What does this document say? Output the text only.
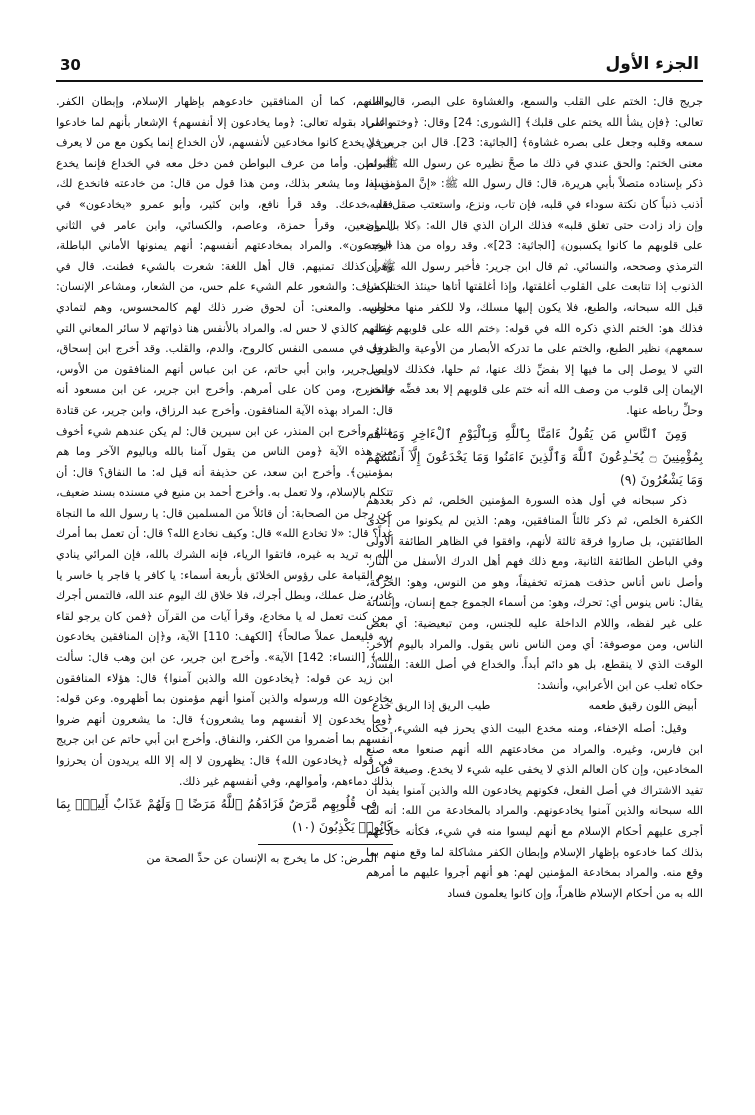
الجزء الأول
30

جريج قال: الختم على القلب والسمع، والغشاوة على البصر، قال الله تعالى: ﴿فإن يشأ الله يختم على قلبك﴾ [الشورى: 24] وقال: ﴿وختم على سمعه وقلبه وجعل على بصره غشاوة﴾ [الجاثية: 23]. قال ابن جرير في معنى الختم: والحق عندي في ذلك ما صحَّ نظيره عن رسول الله ﷺ، ثم ذكر بإسناده متصلاً بأبي هريرة، قال: قال رسول الله ﷺ: «إنَّ المؤمن إذا أذنب ذنباً كان نكتة سوداء في قلبه، فإن تاب، ونزع، واستعتب صقل قلبه، وإن زاد زادت حتى تغلق قلبه» فذلك الران الذي قال الله: ﴿كلا بل ران على قلوبهم ما كانوا يكسبون﴾ [الجاثية: 23]». وقد رواه من هذا الوجه الترمذي وصححه، والنسائي. ثم قال ابن جرير: فأخبر رسول الله ﷺ أن الذنوب إذا تتابعت على القلوب أغلقتها، وإذا أغلقتها أتاها حينئذ الختم من قبل الله سبحانه، والطبع، فلا يكون إليها مسلك، ولا للكفر منها مخلص، فذلك هو: الختم الذي ذكره الله في قوله: ﴿ختم الله على قلوبهم وعلى سمعهم﴾ نظير الطبع، والختم على ما تدركه الأبصار من الأوعية والظروف التي لا يوصل إلى ما فيها إلا بفضِّ ذلك عنها، ثم حلها، فكذلك لا يصل الإيمان إلى قلوب من وصف الله أنه ختم على قلوبهم إلا بعد فضِّه خاتمه، وحلِّ رباطه عنها.

وَمِنَ ٱلنَّاسِ مَن يَقُولُ ءَامَنَّا بِٱللَّهِ وَبِٱلْيَوْمِ ٱلْءَاخِرِ وَمَا هُم بِمُؤْمِنِينَ ۝ يُخَـٰدِعُونَ ٱللَّهَ وَٱلَّذِينَ ءَامَنُوا وَمَا يَخْدَعُونَ إِلَّآ أَنفُسَهُمْ وَمَا يَشْعُرُونَ (٩)

ذكر سبحانه في أول هذه السورة المؤمنين الخلص، ثم ذكر بعدهم الكفرة الخلص، ثم ذكر ثالثاً المنافقين، وهم: الذين لم يكونوا من إحدى الطائفتين، بل صاروا فرقة ثالثة لأنهم، وافقوا في الظاهر الطائفة الأولى وفي الباطن الطائفة الثانية، ومع ذلك فهم أهل الدرك الأسفل من النار. وأصل ناس أناس حذفت همزته تخفيفاً، وهو من النوس، وهو: الحركة، يقال: ناس ينوس أي: تحرك، وهو: من أسماء الجموع جمع إنسان، وإنسانة على غير لفظه، واللام الداخلة عليه للجنس، ومن تبعيضية: أي بعض الناس، ومن موصوفة: أي ومن الناس ناس يقول. والمراد باليوم الآخر: الوقت الذي لا ينقطع، بل هو دائم أبداً. والخداع في أصل اللغة: الفساد، حكاه ثعلب عن ابن الأعرابي، وأنشد:

أبيض اللون رقيق طعمه
طيب الريق إذا الريق خدع

وقيل: أصله الإخفاء، ومنه مخدع البيت الذي يحرز فيه الشيء، حكاه ابن فارس، وغيره. والمراد من مخادعتهم الله أنهم صنعوا معه صنع المخادعين، وإن كان العالم الذي لا يخفى عليه شيء لا يخدع. وصيغة فاعل تفيد الاشتراك في أصل الفعل، فكونهم يخادعون الله والذين آمنوا يفيد أن الله سبحانه والذين آمنوا يخادعونهم. والمراد بالمخادعة من الله: أنه لما أجرى عليهم أحكام الإسلام مع أنهم ليسوا منه في شيء، فكأنه خادعهم بذلك كما خادعوه بإظهار الإسلام وإبطان الكفر مشاكلة لما وقع منهم بما وقع منه. والمراد بمخادعة المؤمنين لهم: هو أنهم أجروا عليهم ما أمرهم الله به من أحكام الإسلام ظاهراً، وإن كانوا يعلمون فساد

بواطنهم، كما أن المنافقين خادعوهم بإظهار الإسلام، وإبطان الكفر. والمراد بقوله تعالى: ﴿وما يخادعون إلا أنفسهم﴾ الإشعار بأنهم لما خادعوا من لا يخدع كانوا مخادعين لأنفسهم، لأن الخداع إنما يكون مع من لا يعرف البواطن. وأما من عرف البواطن فمن دخل معه في الخداع فإنما يخدع نفسه، وما يشعر بذلك، ومن هذا قول من قال: من خادعته فانخدع لك، فقد خدعك. وقد قرأ نافع، وابن كثير، وأبو عمرو «يخادعون» في الموضعين، وقرأ حمزة، وعاصم، والكسائي، وابن عامر في الثاني «يخدعون». والمراد بمخادعتهم أنفسهم: أنهم يمنونها الأماني الباطلة، وهي كذلك تمنيهم. قال أهل اللغة: شعرت بالشيء فطنت. قال في الكشاف: والشعور علم الشيء علم حس، من الشعار، ومشاعر الإنسان: حواسه. والمعنى: أن لحوق ضرر ذلك لهم كالمحسوس، وهم لتمادي غفلتهم كالذي لا حس له. والمراد بالأنفس هنا ذواتهم لا سائر المعاني التي تدخل في مسمى النفس كالروح، والدم، والقلب. وقد أخرج ابن إسحاق، وابن جرير، وابن أبي حاتم، عن ابن عباس أنهم المنافقون من الأوس، والخزرج، ومن كان على أمرهم. وأخرج ابن جرير، عن ابن مسعود أنه قال: المراد بهذه الآية المنافقون. وأخرج عبد الرزاق، وابن جرير، عن قتادة مثله. وأخرج ابن المنذر، عن ابن سيرين قال: لم يكن عندهم شيء أخوف من هذه الآية ﴿ومن الناس من يقول آمنا بالله وباليوم الآخر وما هم بمؤمنين﴾. وأخرج ابن سعد، عن حذيفة أنه قيل له: ما النفاق؟ قال: أن تتكلم بالإسلام، ولا تعمل به. وأخرج أحمد بن منيع في مسنده بسند ضعيف، عن رجل من الصحابة: أن قائلاً من المسلمين قال: يا رسول الله ما النجاة غداً؟ قال: «لا تخادع الله» قال: وكيف نخادع الله؟ قال: أن تعمل بما أمرك الله به تريد به غيره، فاتقوا الرياء، فإنه الشرك بالله، فإن المرائي ينادي يوم القيامة على رؤوس الخلائق بأربعة أسماء: يا كافر يا فاجر يا خاسر يا غادر، ضل عملك، وبطل أجرك، فلا خلاق لك اليوم عند الله، فالتمس أجرك ممن كنت تعمل له يا مخادع، وقرأ آيات من القرآن ﴿فمن كان يرجو لقاء ربه فليعمل عملاً صالحاً﴾ [الكهف: 110] الآية، و﴿إن المنافقين يخادعون الله﴾ [النساء: 142] الآية». وأخرج ابن جرير، عن ابن وهب قال: سألت ابن زيد عن قوله: ﴿يخادعون الله والذين آمنوا﴾ قال: هؤلاء المنافقون يخادعون الله ورسوله والذين آمنوا أنهم مؤمنون بما أظهروه. وعن قوله: ﴿وما يخدعون إلا أنفسهم وما يشعرون﴾ قال: ما يشعرون أنهم ضروا أنفسهم بما أضمروا من الكفر، والنفاق. وأخرج ابن أبي حاتم عن ابن جريج في قوله ﴿يخادعون الله﴾ قال: يظهرون لا إله إلا الله يريدون أن يحرزوا بذلك دماءهم، وأموالهم، وفي أنفسهم غير ذلك.

فِى قُلُوبِهِم مَّرَضٌ فَزَادَهُمُ ٱللَّهُ مَرَضًا ۖ وَلَهُمْ عَذَابٌ أَلِيمٌۢ بِمَا كَانُوا۟ يَكْذِبُونَ (١٠)

المرض: كل ما يخرج به الإنسان عن حدِّ الصحة من
